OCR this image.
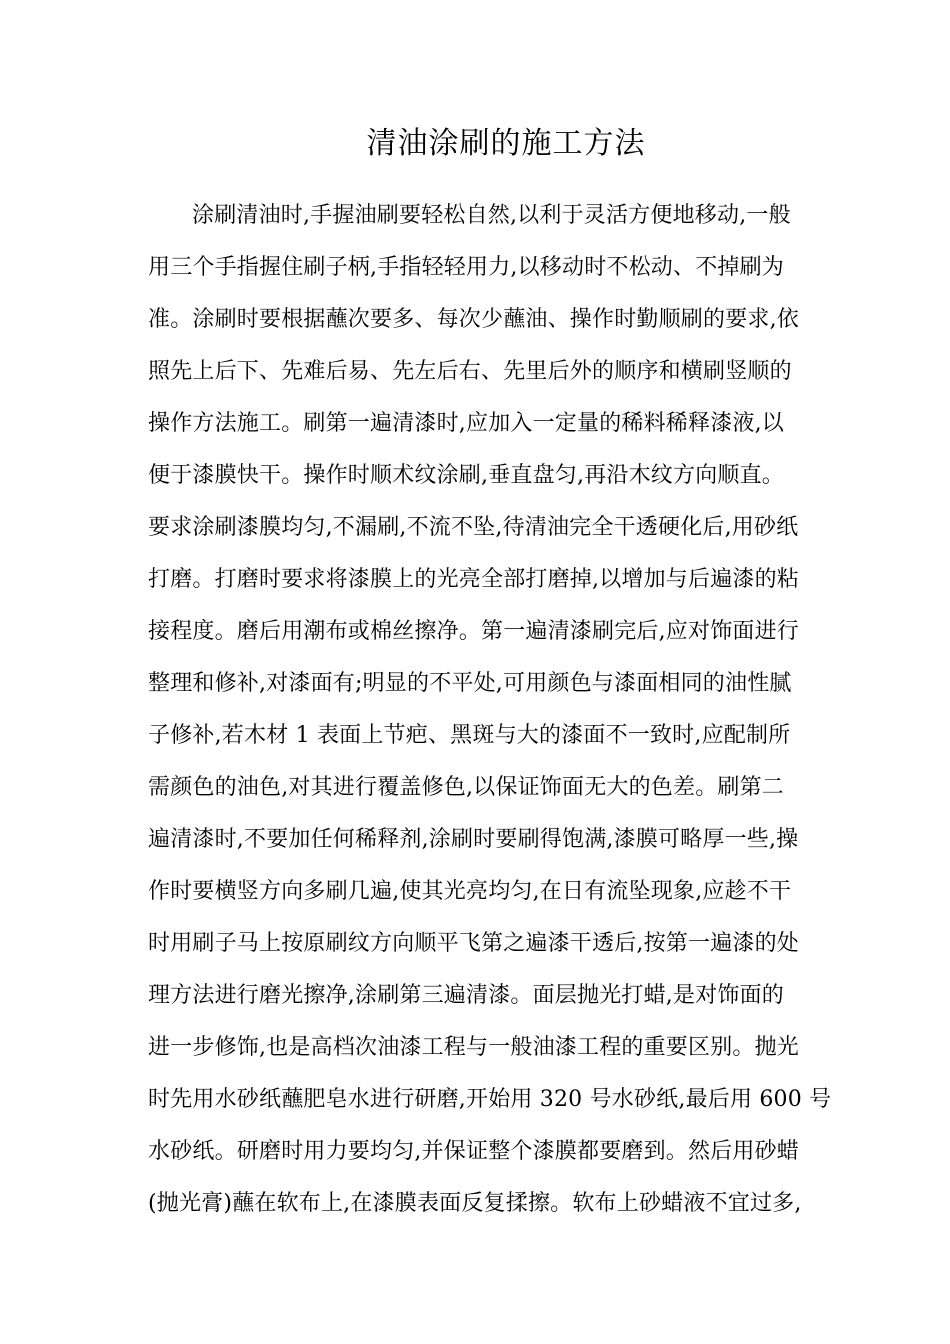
清油涂刷的施工方法
涂刷清油时,手握油刷要轻松自然,以利于灵活方便地移动,一般
用三个手指握住刷子柄,手指轻轻用力,以移动时不松动、不掉刷为
准。涂刷时要根据蘸次要多、每次少蘸油、操作时勤顺刷的要求,依
照先上后下、先难后易、先左后右、先里后外的顺序和横刷竖顺的
操作方法施工。刷第一遍清漆时,应加入一定量的稀料稀释漆液,以
便于漆膜快干。操作时顺术纹涂刷,垂直盘匀,再沿木纹方向顺直。
要求涂刷漆膜均匀,不漏刷,不流不坠,待清油完全干透硬化后,用砂纸
打磨。打磨时要求将漆膜上的光亮全部打磨掉,以增加与后遍漆的粘
接程度。磨后用潮布或棉丝擦净。第一遍清漆刷完后,应对饰面进行
整理和修补,对漆面有;明显的不平处,可用颜色与漆面相同的油性腻
子修补,若木材 1 表面上节疤、黑斑与大的漆面不一致时,应配制所
需颜色的油色,对其进行覆盖修色,以保证饰面无大的色差。刷第二
遍清漆时,不要加任何稀释剂,涂刷时要刷得饱满,漆膜可略厚一些,操
作时要横竖方向多刷几遍,使其光亮均匀,在日有流坠现象,应趁不干
时用刷子马上按原刷纹方向顺平飞第之遍漆干透后,按第一遍漆的处
理方法进行磨光擦净,涂刷第三遍清漆。面层抛光打蜡,是对饰面的
进一步修饰,也是高档次油漆工程与一般油漆工程的重要区别。抛光
时先用水砂纸蘸肥皂水进行研磨,开始用 320 号水砂纸,最后用 600 号
水砂纸。研磨时用力要均匀,并保证整个漆膜都要磨到。然后用砂蜡
(抛光膏)蘸在软布上,在漆膜表面反复揉擦。软布上砂蜡液不宜过多,
